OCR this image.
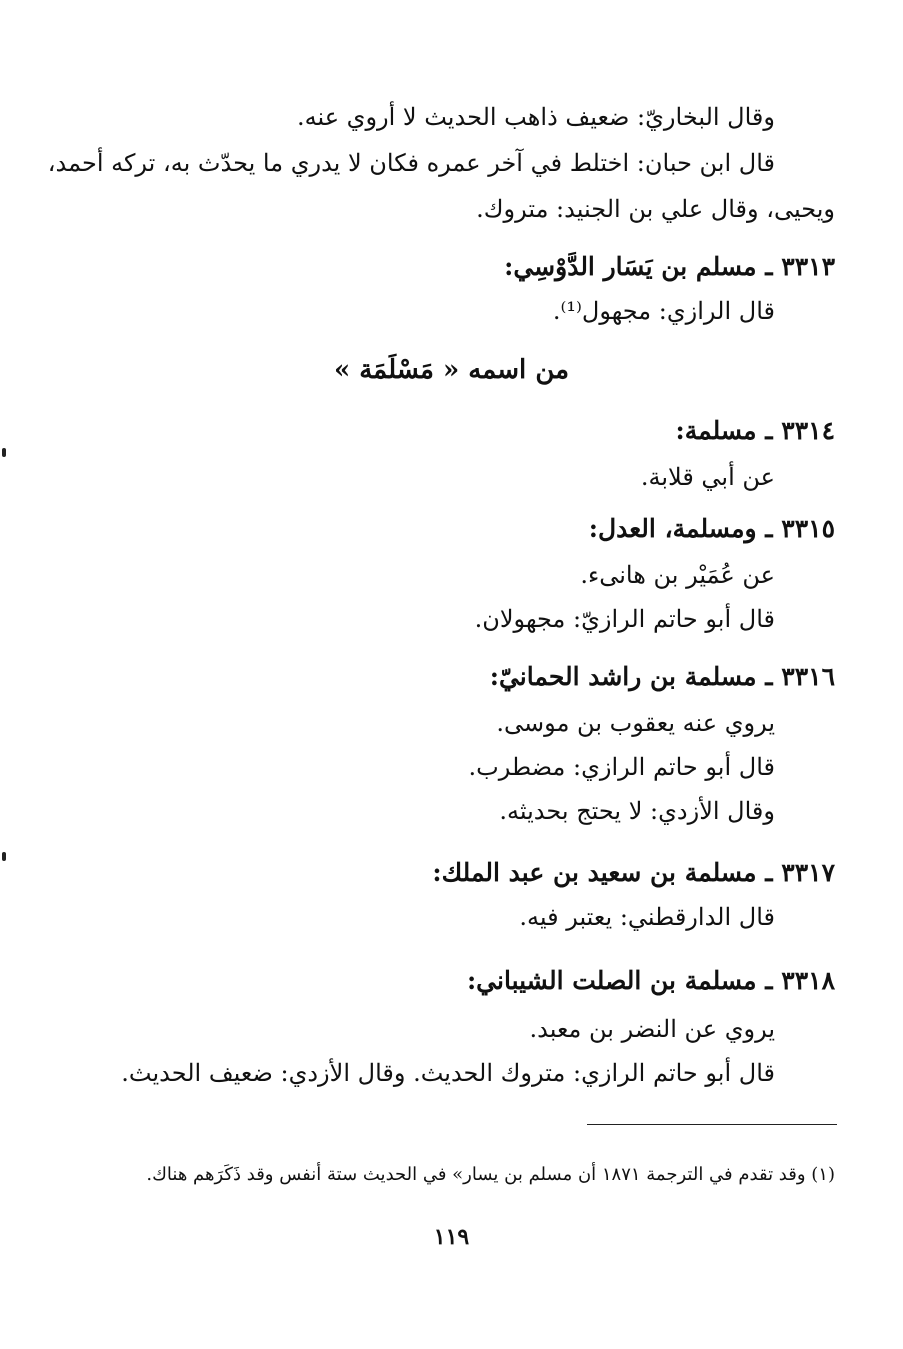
وقال البخاريّ: ضعيف ذاهب الحديث لا أروي عنه.
قال ابن حبان: اختلط في آخر عمره فكان لا يدري ما يحدّث به، تركه أحمد،
ويحيى، وقال علي بن الجنيد: متروك.
٣٣١٣ ـ مسلم بن يَسَار الدَّوْسِي:
قال الرازي: مجهول⁽¹⁾.
من اسمه « مَسْلَمَة »
٣٣١٤ ـ مسلمة:
عن أبي قلابة.
٣٣١٥ ـ ومسلمة، العدل:
عن عُمَيْر بن هانىء.
قال أبو حاتم الرازيّ: مجهولان.
٣٣١٦ ـ مسلمة بن راشد الحمانيّ:
يروي عنه يعقوب بن موسى.
قال أبو حاتم الرازي: مضطرب.
وقال الأزدي: لا يحتج بحديثه.
٣٣١٧ ـ مسلمة بن سعيد بن عبد الملك:
قال الدارقطني: يعتبر فيه.
٣٣١٨ ـ مسلمة بن الصلت الشيباني:
يروي عن النضر بن معبد.
قال أبو حاتم الرازي: متروك الحديث. وقال الأزدي: ضعيف الحديث.
(١) وقد تقدم في الترجمة ١٨٧١ أن مسلم بن يسار» في الحديث ستة أنفس وقد ذَكَرَهم هناك.
١١٩
